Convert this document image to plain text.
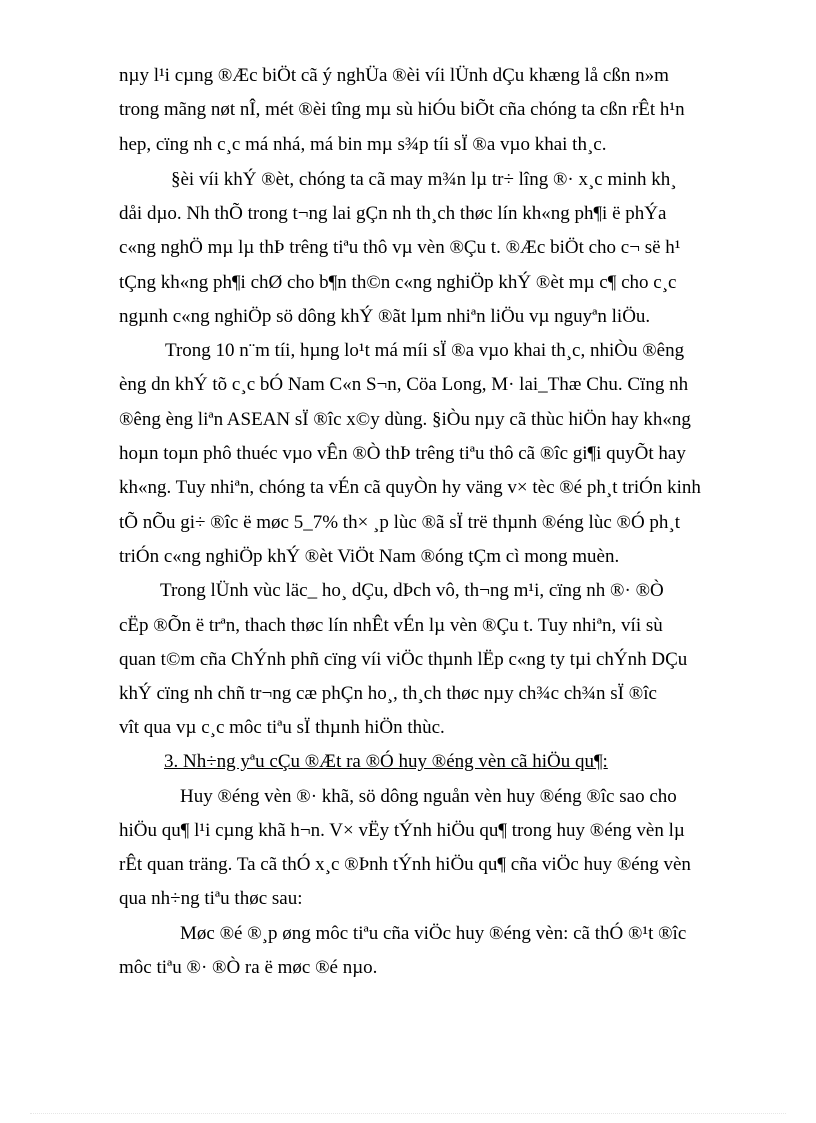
nµy l¹i cµng ®Æc biÖt cã ý nghÜa ®èi víi lÜnh dÇu khæng lå cßn n»m
trong mãng nøt nÎ, mét ®èi tîng mµ sù hiÓu biÕt cña chóng ta cßn rÊt h¹n
hep, cïng nh c¸c má nhá, má bin mµ s¾p tíi sÏ ®a vµo khai th¸c.
§èi víi khÝ ®èt, chóng ta cã may m¾n lµ tr÷ lîng ®· x¸c minh kh¸
dåi dµo. Nh thÕ trong t¬ng lai gÇn nh th¸ch thøc lín kh«ng ph¶i ë phÝa
c«ng nghÖ mµ lµ thÞ trêng tiªu thô vµ vèn ®Çu t. ®Æc biÖt cho c¬ së h¹
tÇng kh«ng ph¶i chØ cho b¶n th©n c«ng nghiÖp khÝ ®èt mµ c¶ cho c¸c
ngµnh c«ng nghiÖp sö dông khÝ ®ãt lµm nhiªn liÖu vµ nguyªn liÖu.
Trong 10 n¨m tíi, hµng lo¹t má míi sÏ ®a vµo khai th¸c, nhiÒu ®êng
èng dn khÝ tõ c¸c bÓ Nam C«n S¬n, Cöa Long, M· lai_Thæ Chu. Cïng nh
®êng èng liªn ASEAN sÏ ®îc x©y dùng. §iÒu nµy cã thùc hiÖn hay kh«ng
hoµn toµn phô thuéc vµo vÊn ®Ò thÞ trêng tiªu thô cã ®îc gi¶i quyÕt hay
kh«ng. Tuy nhiªn, chóng ta vÉn cã quyÒn hy väng v× tèc ®é ph¸t triÓn kinh
tÕ nÕu gi÷ ®îc ë møc 5_7% th× ¸p lùc ®ã sÏ trë thµnh ®éng lùc ®Ó ph¸t
triÓn c«ng nghiÖp khÝ ®èt ViÖt Nam ®óng tÇm cì mong muèn.
Trong lÜnh vùc läc_ ho¸ dÇu, dÞch vô, th¬ng m¹i, cïng nh ®· ®Ò
cËp ®Õn ë trªn, thach thøc lín nhÊt vÉn lµ vèn ®Çu t. Tuy nhiªn, víi sù
quan t©m cña ChÝnh phñ cïng víi viÖc thµnh lËp c«ng ty tµi chÝnh DÇu
khÝ cïng nh chñ tr¬ng cæ phÇn ho¸, th¸ch thøc nµy ch¾c ch¾n sÏ ®îc
vît qua vµ c¸c môc tiªu sÏ thµnh hiÖn thùc.
3. Nh÷ng yªu cÇu ®Æt ra ®Ó huy ®éng vèn cã hiÖu qu¶:
Huy ®éng vèn ®· khã, sö dông nguån vèn huy ®éng ®îc sao cho
hiÖu qu¶ l¹i cµng khã h¬n. V× vËy tÝnh hiÖu qu¶ trong huy ®éng vèn lµ
rÊt quan träng. Ta cã thÓ x¸c ®Þnh tÝnh hiÖu qu¶ cña viÖc huy ®éng vèn
qua nh÷ng tiªu thøc sau:
Møc ®é ®¸p øng môc tiªu cña viÖc huy ®éng vèn: cã thÓ ®¹t ®îc
môc tiªu ®· ®Ò ra ë møc ®é nµo.
